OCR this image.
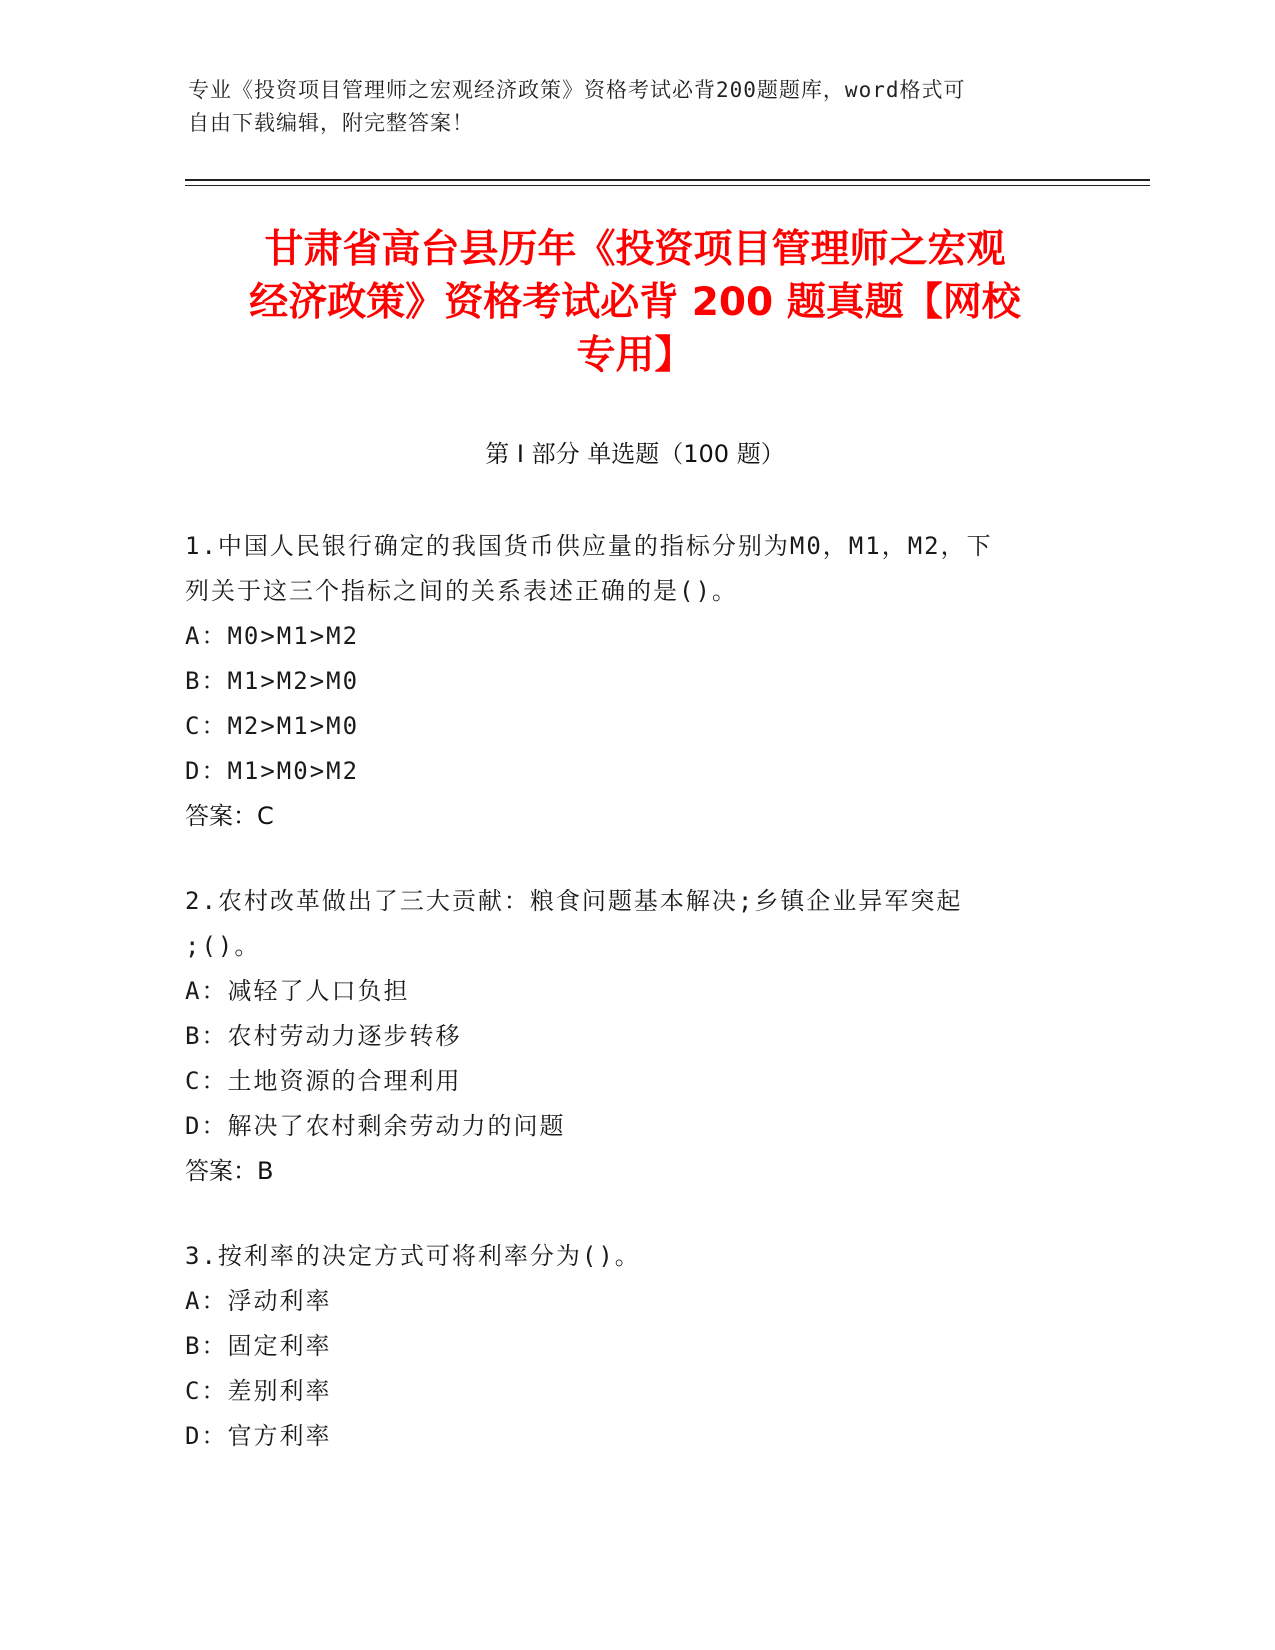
专业《投资项目管理师之宏观经济政策》资格考试必背200题题库，word格式可
自由下载编辑，附完整答案！
甘肃省高台县历年《投资项目管理师之宏观
经济政策》资格考试必背 200 题真题【网校
专用】
第 I 部分 单选题（100 题）
1.中国人民银行确定的我国货币供应量的指标分别为M0，M1，M2，下
列关于这三个指标之间的关系表述正确的是()。
A：M0>M1>M2
B：M1>M2>M0
C：M2>M1>M0
D：M1>M0>M2
答案：C
2.农村改革做出了三大贡献：粮食问题基本解决;乡镇企业异军突起
;()。
A：减轻了人口负担
B：农村劳动力逐步转移
C：土地资源的合理利用
D：解决了农村剩余劳动力的问题
答案：B
3.按利率的决定方式可将利率分为()。
A：浮动利率
B：固定利率
C：差别利率
D：官方利率
